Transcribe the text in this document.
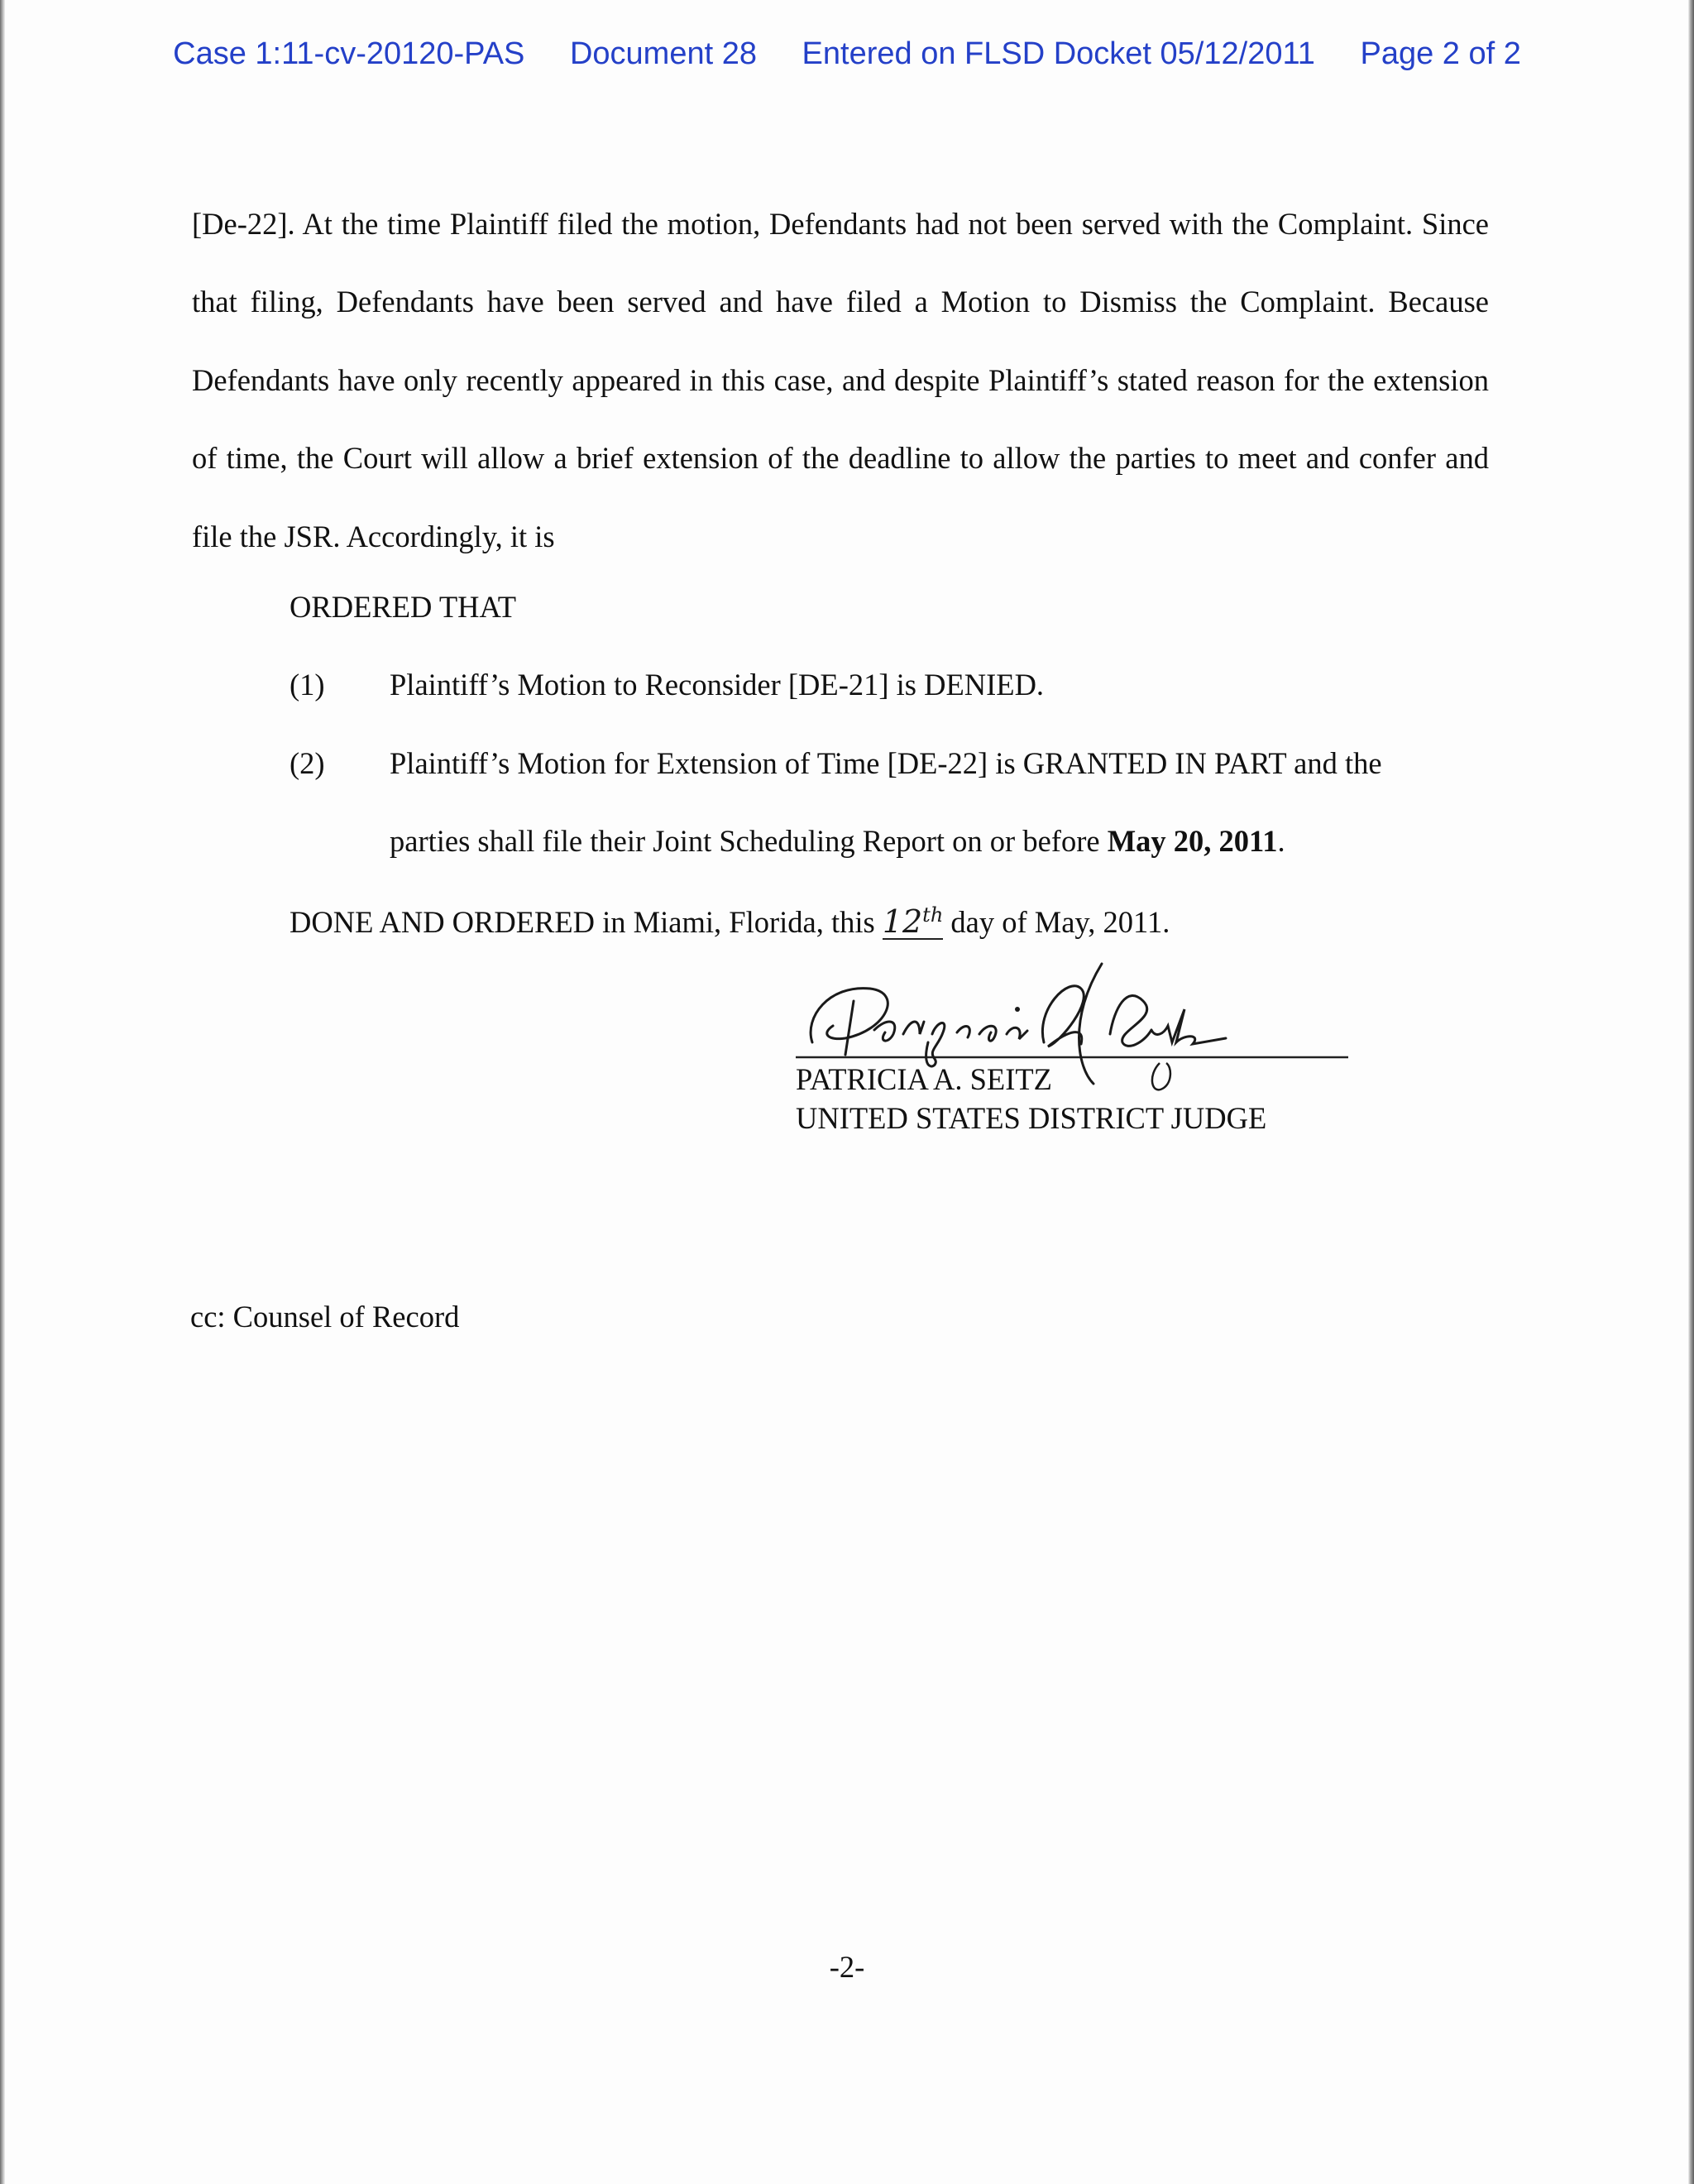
Case 1:11-cv-20120-PAS Document 28 Entered on FLSD Docket 05/12/2011 Page 2 of 2

[De-22]. At the time Plaintiff filed the motion, Defendants had not been served with the Complaint. Since that filing, Defendants have been served and have filed a Motion to Dismiss the Complaint. Because Defendants have only recently appeared in this case, and despite Plaintiff’s stated reason for the extension of time, the Court will allow a brief extension of the deadline to allow the parties to meet and confer and file the JSR. Accordingly, it is

ORDERED THAT
(1) Plaintiff’s Motion to Reconsider [DE-21] is DENIED.
(2) Plaintiff’s Motion for Extension of Time [DE-22] is GRANTED IN PART and the
parties shall file their Joint Scheduling Report on or before May 20, 2011.
DONE AND ORDERED in Miami, Florida, this 12th day of May, 2011.
PATRICIA A. SEITZ
UNITED STATES DISTRICT JUDGE
cc: Counsel of Record
-2-
